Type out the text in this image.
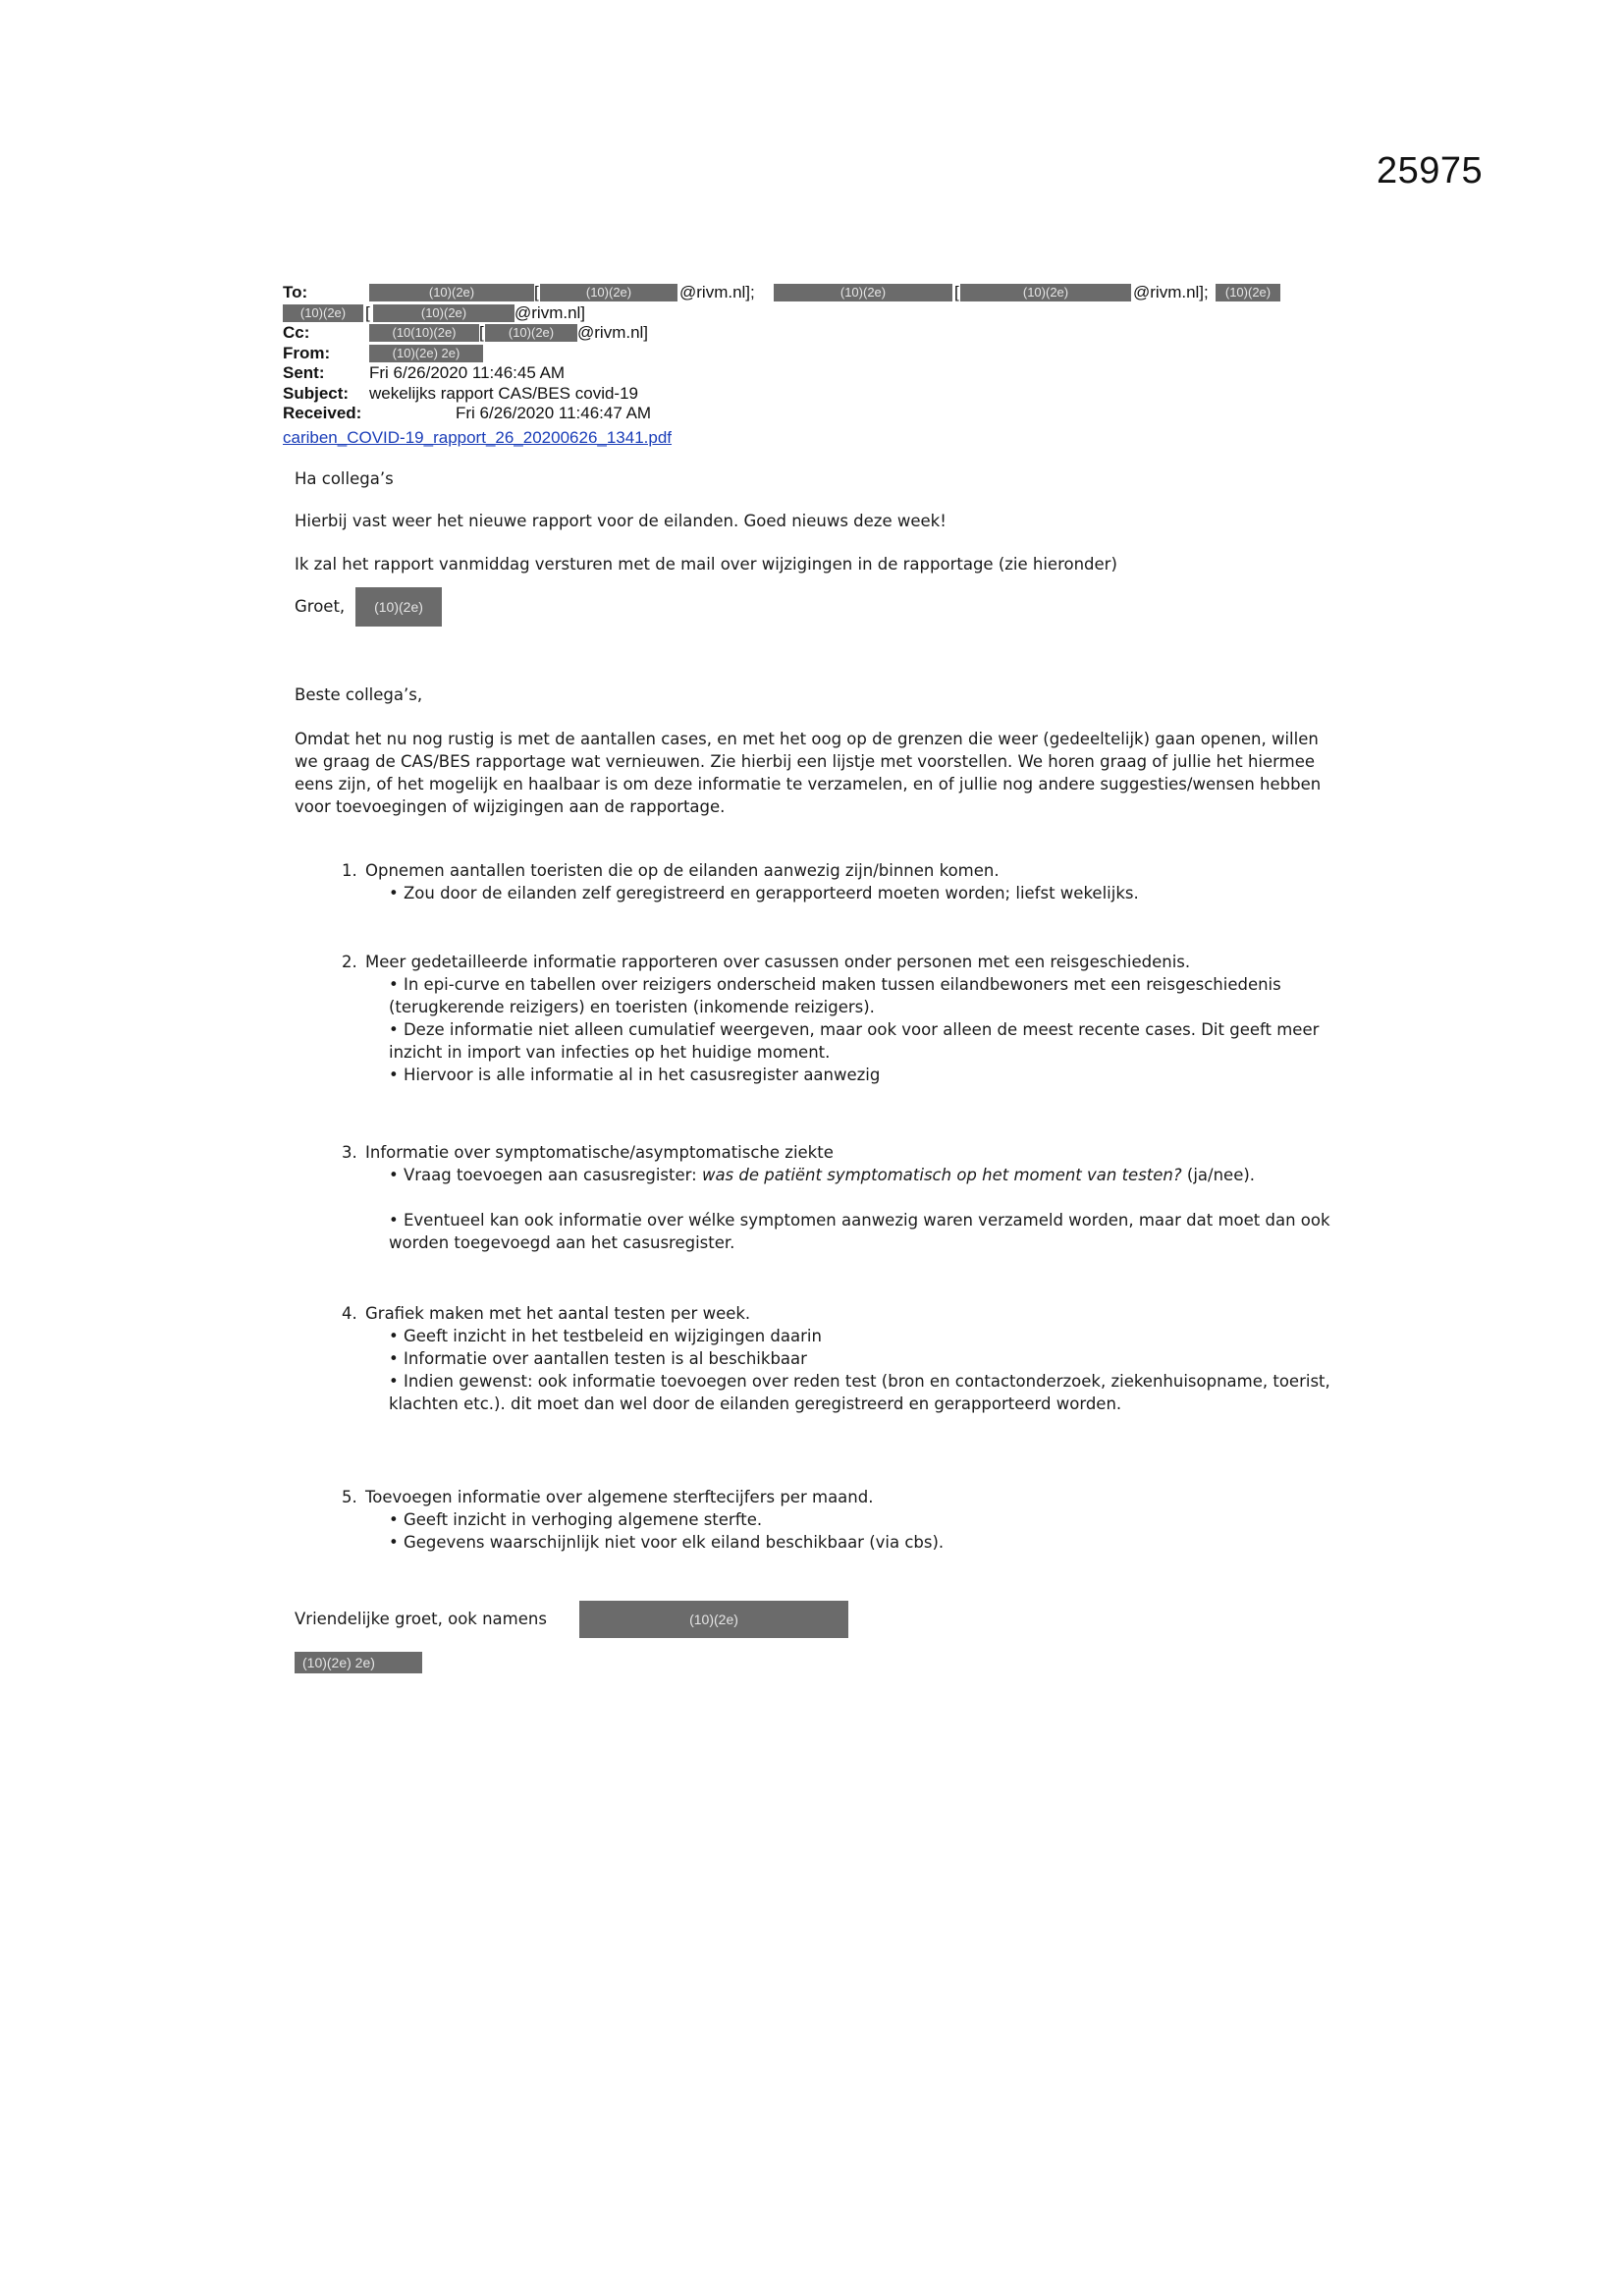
25975
To:	(10)(2e)	[	(10)(2e)	@rivm.nl];	(10)(2e)	[	(10)(2e)	@rivm.nl];	(10)(2e)
(10)(2e)	[	(10)(2e)	@rivm.nl]
Cc:	(10(10)(2e)	[	(10)(2e)	@rivm.nl]
From:	(10)(2e) 2e)
Sent:	Fri 6/26/2020 11:46:45 AM
Subject: wekelijks rapport CAS/BES covid-19
Received:	Fri 6/26/2020 11:46:47 AM
cariben_COVID-19_rapport_26_20200626_1341.pdf
Ha collega’s
Hierbij vast weer het nieuwe rapport voor de eilanden. Goed nieuws deze week!
Ik zal het rapport vanmiddag versturen met de mail over wijzigingen in de rapportage (zie hieronder)
Groet,	(10)(2e)
Beste collega’s,
Omdat het nu nog rustig is met de aantallen cases, en met het oog op de grenzen die weer (gedeeltelijk) gaan openen, willen we graag de CAS/BES rapportage wat vernieuwen. Zie hierbij een lijstje met voorstellen. We horen graag of jullie het hiermee eens zijn, of het mogelijk en haalbaar is om deze informatie te verzamelen, en of jullie nog andere suggesties/wensen hebben voor toevoegingen of wijzigingen aan de rapportage.
1. Opnemen aantallen toeristen die op de eilanden aanwezig zijn/binnen komen.
• Zou door de eilanden zelf geregistreerd en gerapporteerd moeten worden; liefst wekelijks.
2. Meer gedetailleerde informatie rapporteren over casussen onder personen met een reisgeschiedenis.
• In epi-curve en tabellen over reizigers onderscheid maken tussen eilandbewoners met een reisgeschiedenis (terugkerende reizigers) en toeristen (inkomende reizigers).
• Deze informatie niet alleen cumulatief weergeven, maar ook voor alleen de meest recente cases. Dit geeft meer inzicht in import van infecties op het huidige moment.
• Hiervoor is alle informatie al in het casusregister aanwezig
3. Informatie over symptomatische/asymptomatische ziekte
• Vraag toevoegen aan casusregister: was de patiënt symptomatisch op het moment van testen? (ja/nee).
• Eventueel kan ook informatie over wélke symptomen aanwezig waren verzameld worden, maar dat moet dan ook worden toegevoegd aan het casusregister.
4. Grafiek maken met het aantal testen per week.
• Geeft inzicht in het testbeleid en wijzigingen daarin
• Informatie over aantallen testen is al beschikbaar
• Indien gewenst: ook informatie toevoegen over reden test (bron en contactonderzoek, ziekenhuisopname, toerist, klachten etc.). dit moet dan wel door de eilanden geregistreerd en gerapporteerd worden.
5. Toevoegen informatie over algemene sterftecijfers per maand.
• Geeft inzicht in verhoging algemene sterfte.
• Gegevens waarschijnlijk niet voor elk eiland beschikbaar (via cbs).
Vriendelijke groet, ook namens	(10)(2e)
(10)(2e) 2e)
